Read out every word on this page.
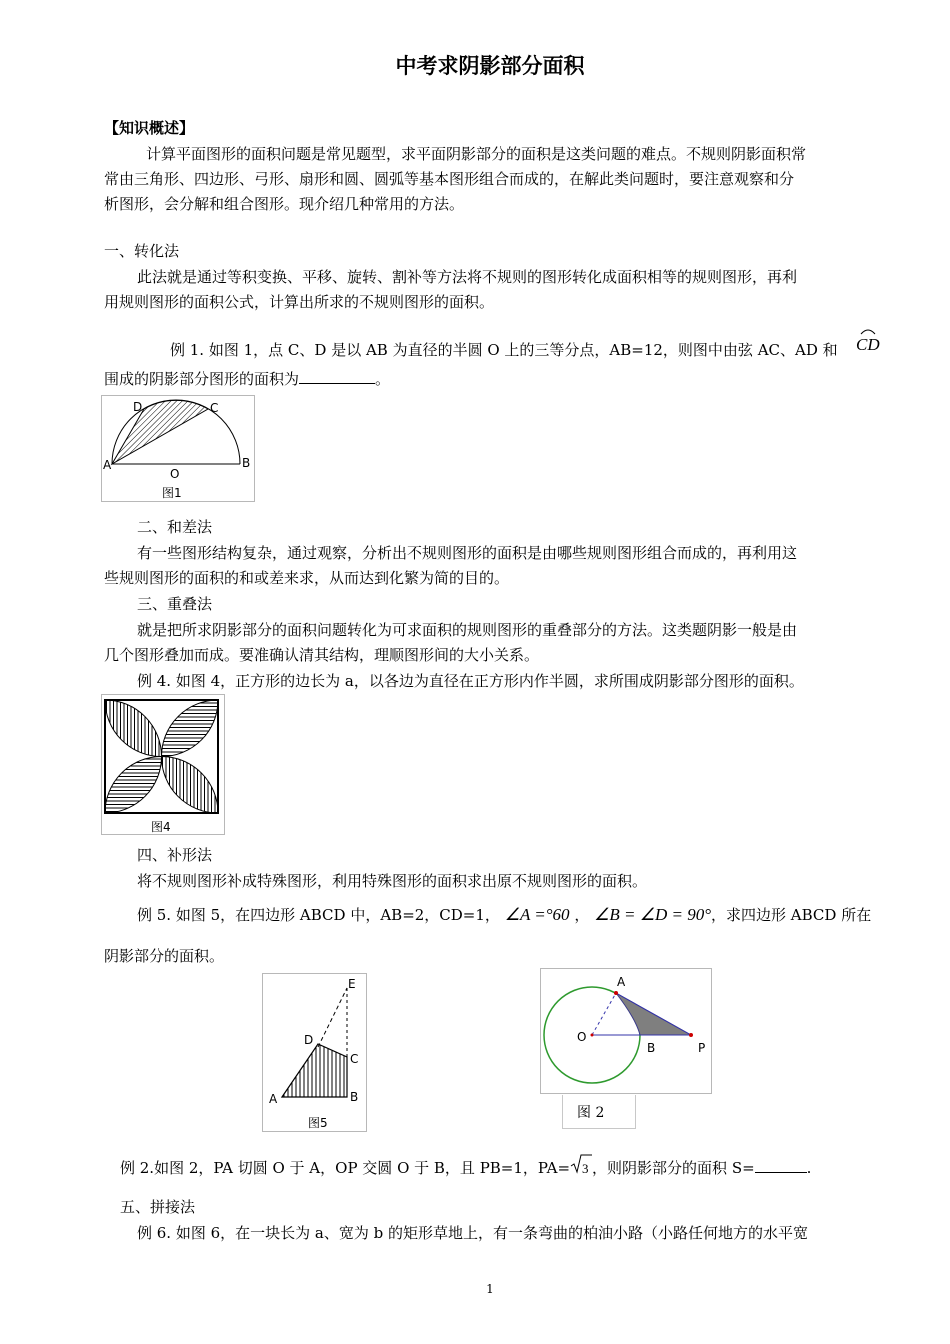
中考求阴影部分面积
【知识概述】
计算平面图形的面积问题是常见题型，求平面阴影部分的面积是这类问题的难点。不规则阴影面积常
常由三角形、四边形、弓形、扇形和圆、圆弧等基本图形组合而成的，在解此类问题时，要注意观察和分
析图形，会分解和组合图形。现介绍几种常用的方法。
一、转化法
此法就是通过等积变换、平移、旋转、割补等方法将不规则的图形转化成面积相等的规则图形，再利
用规则图形的面积公式，计算出所求的不规则图形的面积。
例 1. 如图 1，点 C、D 是以 AB 为直径的半圆 O 上的三等分点，AB=12，则图中由弦 AC、AD 和 CD
围成的阴影部分图形的面积为	。
A	B
C
D
O
图1
二、和差法
有一些图形结构复杂，通过观察，分析出不规则图形的面积是由哪些规则图形组合而成的，再利用这
些规则图形的面积的和或差来求，从而达到化繁为简的目的。
三、重叠法
就是把所求阴影部分的面积问题转化为可求面积的规则图形的重叠部分的方法。这类题阴影一般是由
几个图形叠加而成。要准确认清其结构，理顺图形间的大小关系。
例 4. 如图 4，正方形的边长为 a，以各边为直径在正方形内作半圆，求所围成阴影部分图形的面积。
图4
四、补形法
将不规则图形补成特殊图形，利用特殊图形的面积求出原不规则图形的面积。
例 5. 如图 5，在四边形 ABCD 中，AB=2，CD=1， ∠A =°60 ， ∠B = ∠D = 90°，求四边形 ABCD 所在
阴影部分的面积。
A	B
C
D
E
图5
A
O
B	P
图 2
例 2.如图 2，PA 切圆 O 于 A，OP 交圆 O 于 B，且 PB=1，PA= 3 ，则阴影部分的面积 S=	.
五、拼接法
例 6. 如图 6，在一块长为 a、宽为 b 的矩形草地上，有一条弯曲的柏油小路（小路任何地方的水平宽
1
